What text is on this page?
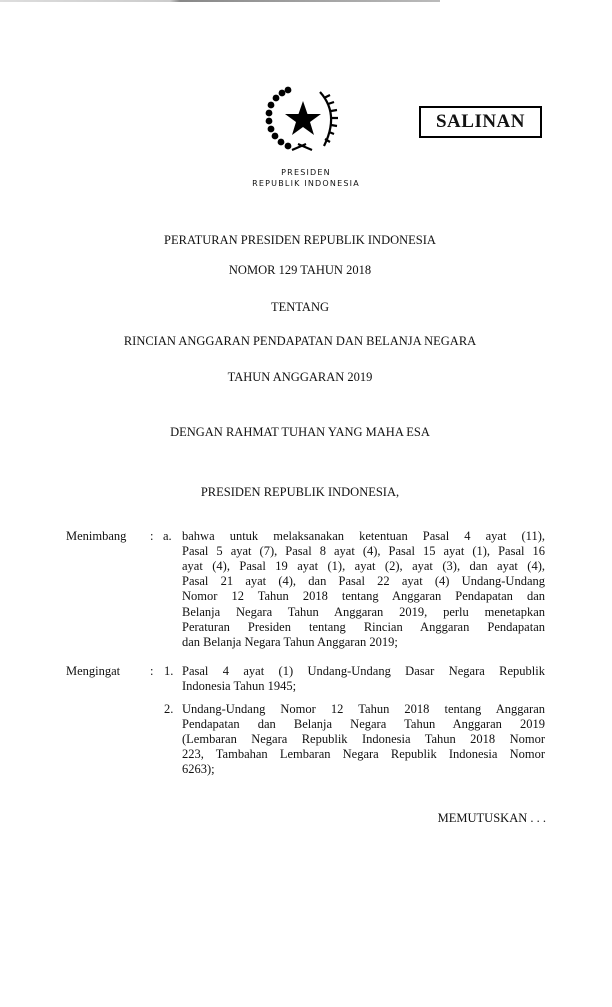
SALINAN
PRESIDEN
REPUBLIK INDONESIA
PERATURAN PRESIDEN REPUBLIK INDONESIA
NOMOR 129 TAHUN 2018
TENTANG
RINCIAN ANGGARAN PENDAPATAN DAN BELANJA NEGARA
TAHUN ANGGARAN 2019
DENGAN RAHMAT TUHAN YANG MAHA ESA
PRESIDEN REPUBLIK INDONESIA,
Menimbang : a. bahwa untuk melaksanakan ketentuan Pasal 4 ayat (11),
Pasal 5 ayat (7), Pasal 8 ayat (4), Pasal 15 ayat (1), Pasal 16
ayat (4), Pasal 19 ayat (1), ayat (2), ayat (3), dan ayat (4),
Pasal 21 ayat (4), dan Pasal 22 ayat (4) Undang-Undang
Nomor 12 Tahun 2018 tentang Anggaran Pendapatan dan
Belanja Negara Tahun Anggaran 2019, perlu menetapkan
Peraturan Presiden tentang Rincian Anggaran Pendapatan
dan Belanja Negara Tahun Anggaran 2019;
Mengingat : 1. Pasal 4 ayat (1) Undang-Undang Dasar Negara Republik
Indonesia Tahun 1945;
2. Undang-Undang Nomor 12 Tahun 2018 tentang Anggaran
Pendapatan dan Belanja Negara Tahun Anggaran 2019
(Lembaran Negara Republik Indonesia Tahun 2018 Nomor
223, Tambahan Lembaran Negara Republik Indonesia Nomor
6263);
MEMUTUSKAN . . .
